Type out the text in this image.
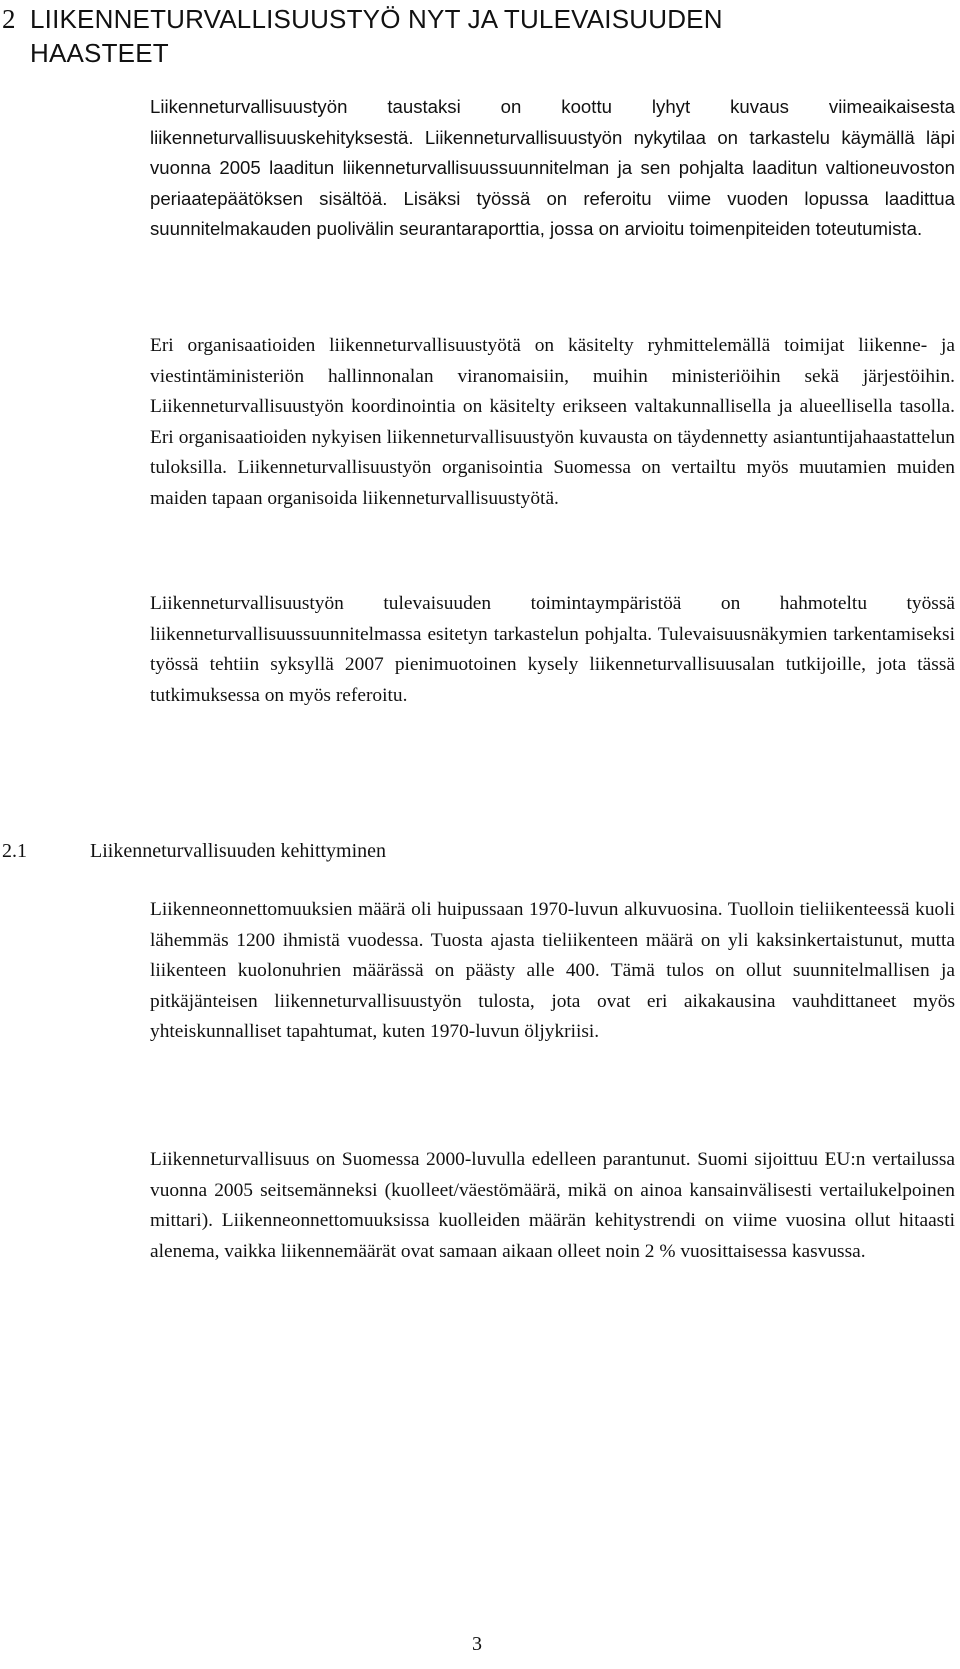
2 LIIKENNETURVALLISUUSTYÖ NYT JA TULEVAISUUDEN HAASTEET

Liikenneturvallisuustyön taustaksi on koottu lyhyt kuvaus viimeaikaisesta liikenneturvallisuuskehityksestä. Liikenneturvallisuustyön nykytilaa on tarkastelu käymällä läpi vuonna 2005 laaditun liikenneturvallisuussuunnitelman ja sen pohjalta laaditun valtioneuvoston periaatepäätöksen sisältöä. Lisäksi työssä on referoitu viime vuoden lopussa laadittua suunnitelmakauden puolivälin seurantaraporttia, jossa on arvioitu toimenpiteiden toteutumista.

Eri organisaatioiden liikenneturvallisuustyötä on käsitelty ryhmittelemällä toimijat liikenne- ja viestintäministeriön hallinnonalan viranomaisiin, muihin ministeriöihin sekä järjestöihin. Liikenneturvallisuustyön koordinointia on käsitelty erikseen valtakunnallisella ja alueellisella tasolla. Eri organisaatioiden nykyisen liikenneturvallisuustyön kuvausta on täydennetty asiantuntijahaastattelun tuloksilla. Liikenneturvallisuustyön organisointia Suomessa on vertailtu myös muutamien muiden maiden tapaan organisoida liikenneturvallisuustyötä.

Liikenneturvallisuustyön tulevaisuuden toimintaympäristöä on hahmoteltu työssä liikenneturvallisuussuunnitelmassa esitetyn tarkastelun pohjalta. Tulevaisuusnäkymien tarkentamiseksi työssä tehtiin syksyllä 2007 pienimuotoinen kysely liikenneturvallisuusalan tutkijoille, jota tässä tutkimuksessa on myös referoitu.

2.1	Liikenneturvallisuuden kehittyminen

Liikenneonnettomuuksien määrä oli huipussaan 1970-luvun alkuvuosina. Tuolloin tieliikenteessä kuoli lähemmäs 1200 ihmistä vuodessa. Tuosta ajasta tieliikenteen määrä on yli kaksinkertaistunut, mutta liikenteen kuolonuhrien määrässä on päästy alle 400. Tämä tulos on ollut suunnitelmallisen ja pitkäjänteisen liikenneturvallisuustyön tulosta, jota ovat eri aikakausina vauhdittaneet myös yhteiskunnalliset tapahtumat, kuten 1970-luvun öljykriisi.

Liikenneturvallisuus on Suomessa 2000-luvulla edelleen parantunut. Suomi sijoittuu EU:n vertailussa vuonna 2005 seitsemänneksi (kuolleet/väestömäärä, mikä on ainoa kansainvälisesti vertailukelpoinen mittari). Liikenneonnettomuuksissa kuolleiden määrän kehitystrendi on viime vuosina ollut hitaasti alenema, vaikka liikennemäärät ovat samaan aikaan olleet noin 2 % vuosittaisessa kasvussa.

3
